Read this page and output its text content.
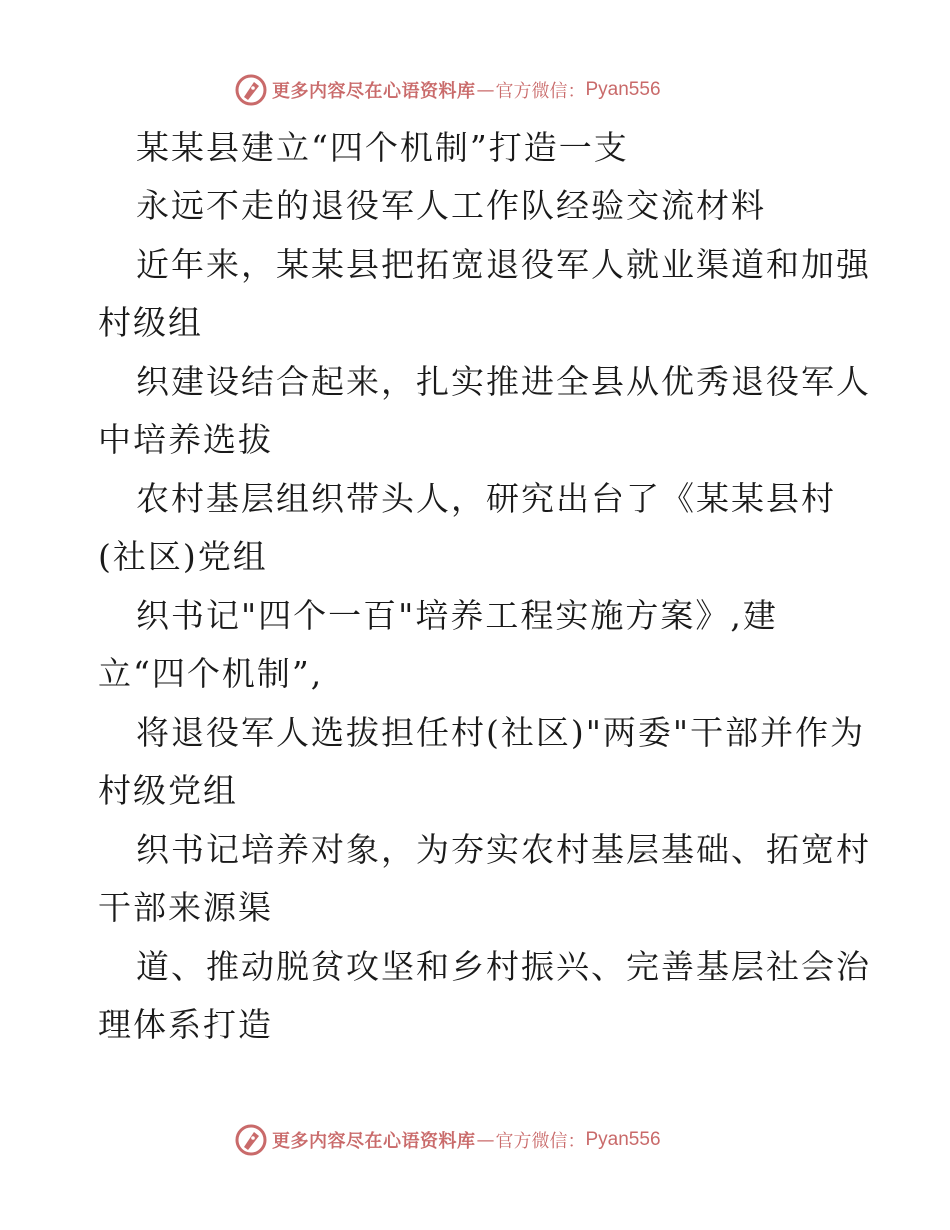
更多内容尽在心语资料库 — 官方微信： Pyan556
某某县建立“四个机制”打造一支
永远不走的退役军人工作队经验交流材料
近年来，某某县把拓宽退役军人就业渠道和加强
村级组
织建设结合起来，扎实推进全县从优秀退役军人
中培养选拔
农村基层组织带头人，研究出台了《某某县村
(社区)党组
织书记"四个一百"培养工程实施方案》,建
立“四个机制”,
将退役军人选拔担任村(社区)"两委"干部并作为
村级党组
织书记培养对象，为夯实农村基层基础、拓宽村
干部来源渠
道、推动脱贫攻坚和乡村振兴、完善基层社会治
理体系打造
更多内容尽在心语资料库 — 官方微信： Pyan556
